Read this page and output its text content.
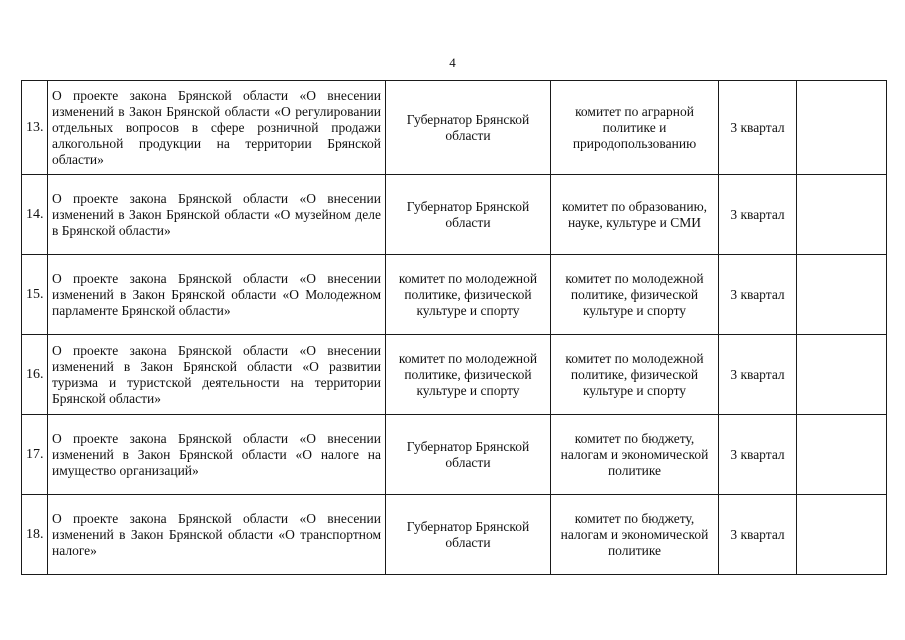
4
13.	О проекте закона Брянской области «О внесении изменений в Закон Брянской области «О регулировании отдельных вопросов в сфере розничной продажи алкогольной продукции на территории Брянской области»	Губернатор Брянской области	комитет по аграрной политике и природопользованию	3 квартал	
14.	О проекте закона Брянской области «О внесении изменений в Закон Брянской области «О музейном деле в Брянской области»	Губернатор Брянской области	комитет по образованию, науке, культуре и СМИ	3 квартал	
15.	О проекте закона Брянской области «О внесении изменений в Закон Брянской области «О Молодежном парламенте Брянской области»	комитет по молодежной политике, физической культуре и спорту	комитет по молодежной политике, физической культуре и спорту	3 квартал	
16.	О проекте закона Брянской области «О внесении изменений в Закон Брянской области «О развитии туризма и туристской деятельности на территории Брянской области»	комитет по молодежной политике, физической культуре и спорту	комитет по молодежной политике, физической культуре и спорту	3 квартал	
17.	О проекте закона Брянской области «О внесении изменений в Закон Брянской области «О налоге на имущество организаций»	Губернатор Брянской области	комитет по бюджету, налогам и экономической политике	3 квартал	
18.	О проекте закона Брянской области «О внесении изменений в Закон Брянской области «О транспортном налоге»	Губернатор Брянской области	комитет по бюджету, налогам и экономической политике	3 квартал	
